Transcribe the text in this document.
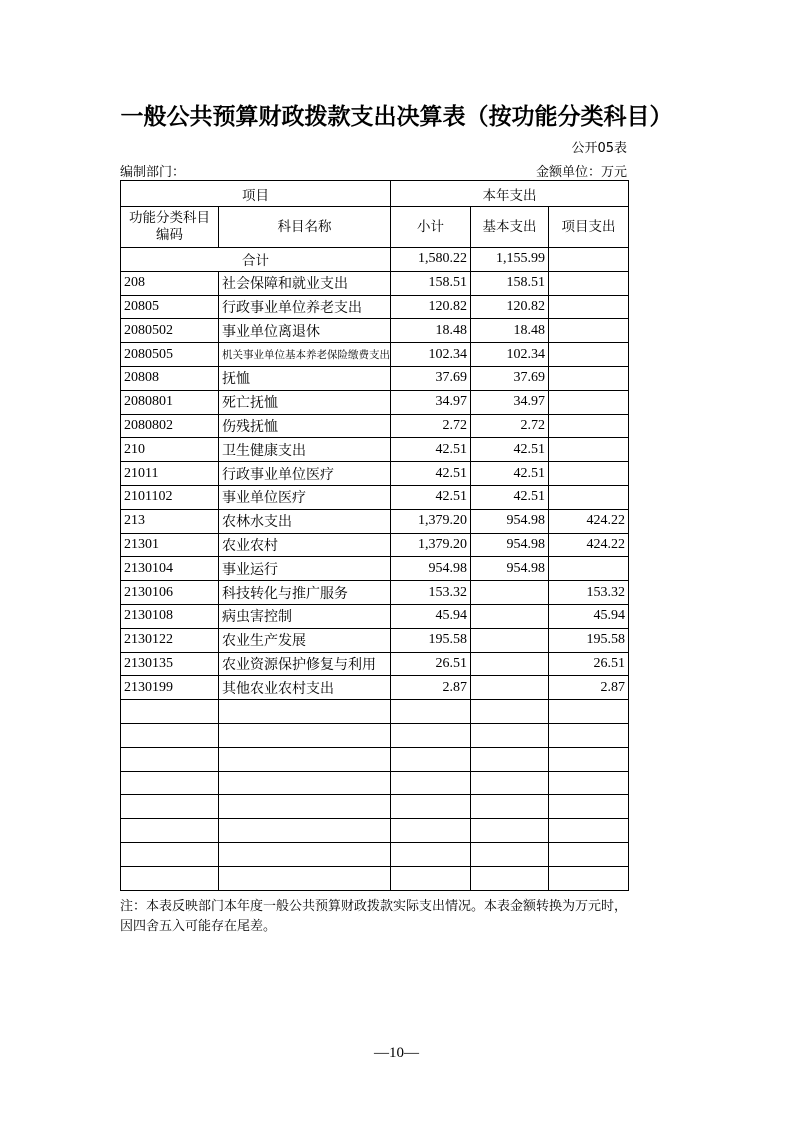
一般公共预算财政拨款支出决算表（按功能分类科目）
公开05表
编制部门：	金额单位：万元
项目		本年支出		
功能分类科目编码	科目名称	小计	基本支出	项目支出
合计		1,580.22	1,155.99	
208	社会保障和就业支出	158.51	158.51	
20805	行政事业单位养老支出	120.82	120.82	
2080502	事业单位离退休	18.48	18.48	
2080505	机关事业单位基本养老保险缴费支出	102.34	102.34	
20808	抚恤	37.69	37.69	
2080801	死亡抚恤	34.97	34.97	
2080802	伤残抚恤	2.72	2.72	
210	卫生健康支出	42.51	42.51	
21011	行政事业单位医疗	42.51	42.51	
2101102	事业单位医疗	42.51	42.51	
213	农林水支出	1,379.20	954.98	424.22
21301	农业农村	1,379.20	954.98	424.22
2130104	事业运行	954.98	954.98	
2130106	科技转化与推广服务	153.32		153.32
2130108	病虫害控制	45.94		45.94
2130122	农业生产发展	195.58		195.58
2130135	农业资源保护修复与利用	26.51		26.51
2130199	其他农业农村支出	2.87		2.87

注：本表反映部门本年度一般公共预算财政拨款实际支出情况。本表金额转换为万元时，因四舍五入可能存在尾差。
—10—
